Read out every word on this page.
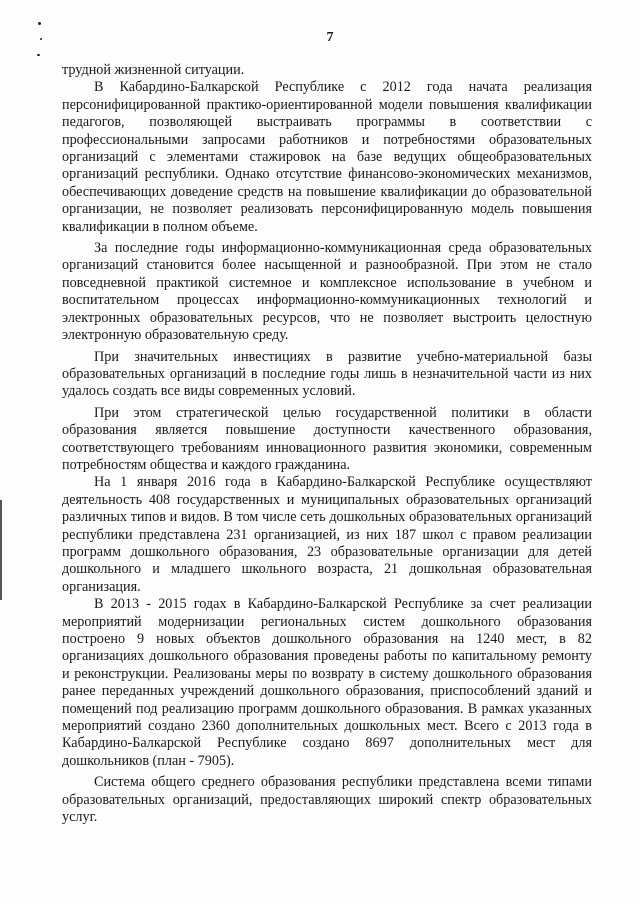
7

трудной жизненной ситуации.

В Кабардино-Балкарской Республике с 2012 года начата реализация персонифицированной практико-ориентированной модели повышения квалификации педагогов, позволяющей выстраивать программы в соответствии с профессиональными запросами работников и потребностями образовательных организаций с элементами стажировок на базе ведущих общеобразовательных организаций республики. Однако отсутствие финансово-экономических механизмов, обеспечивающих доведение средств на повышение квалификации до образовательной организации, не позволяет реализовать персонифицированную модель повышения квалификации в полном объеме.

За последние годы информационно-коммуникационная среда образовательных организаций становится более насыщенной и разнообразной. При этом не стало повседневной практикой системное и комплексное использование в учебном и воспитательном процессах информационно-коммуникационных технологий и электронных образовательных ресурсов, что не позволяет выстроить целостную электронную образовательную среду.

При значительных инвестициях в развитие учебно-материальной базы образовательных организаций в последние годы лишь в незначительной части из них удалось создать все виды современных условий.

При этом стратегической целью государственной политики в области образования является повышение доступности качественного образования, соответствующего требованиям инновационного развития экономики, современным потребностям общества и каждого гражданина.

На 1 января 2016 года в Кабардино-Балкарской Республике осуществляют деятельность 408 государственных и муниципальных образовательных организаций различных типов и видов. В том числе сеть дошкольных образовательных организаций республики представлена 231 организацией, из них 187 школ с правом реализации программ дошкольного образования, 23 образовательные организации для детей дошкольного и младшего школьного возраста, 21 дошкольная образовательная организация.

В 2013 - 2015 годах в Кабардино-Балкарской Республике за счет реализации мероприятий модернизации региональных систем дошкольного образования построено 9 новых объектов дошкольного образования на 1240 мест, в 82 организациях дошкольного образования проведены работы по капитальному ремонту и реконструкции. Реализованы меры по возврату в систему дошкольного образования ранее переданных учреждений дошкольного образования, приспособлений зданий и помещений под реализацию программ дошкольного образования. В рамках указанных мероприятий создано 2360 дополнительных дошкольных мест. Всего с 2013 года в Кабардино-Балкарской Республике создано 8697 дополнительных мест для дошкольников (план - 7905).

Система общего среднего образования республики представлена всеми типами образовательных организаций, предоставляющих широкий спектр образовательных услуг.
